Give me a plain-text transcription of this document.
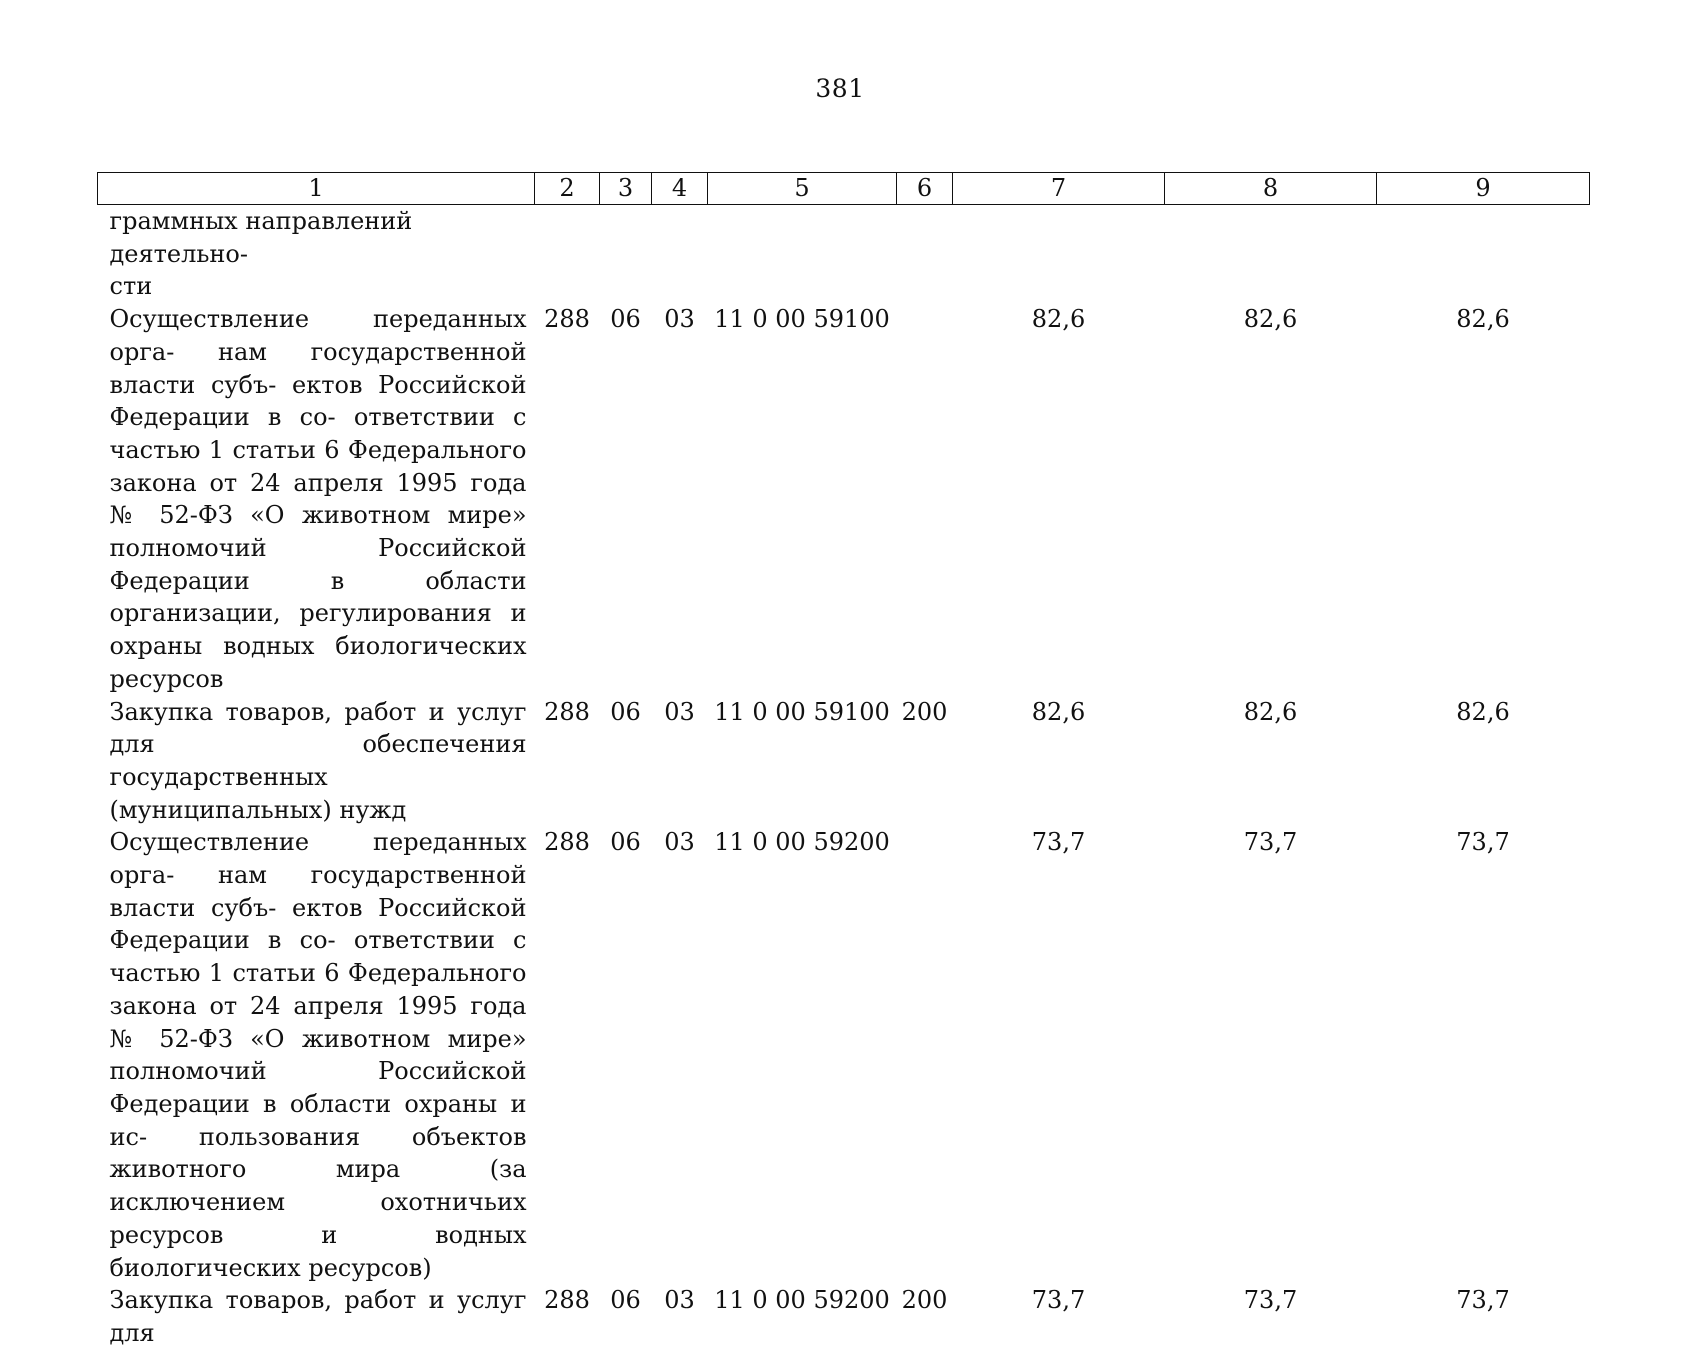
381
1	2	3	4	5	6	7	8	9
граммных направлений деятельно-
сти								
Осуществление переданных орга- нам государственной власти субъ- ектов Российской Федерации в со- ответствии с частью 1 статьи 6 Федерального закона от 24 апреля 1995 года № 52-ФЗ «О животном мире» полномочий Российской Федерации в области организации, регулирования и охраны водных биологических ресурсов	288	06	03	11 0 00 59100		82,6	82,6	82,6
Закупка товаров, работ и услуг для обеспечения государственных (муниципальных) нужд	288	06	03	11 0 00 59100	200	82,6	82,6	82,6
Осуществление переданных орга- нам государственной власти субъ- ектов Российской Федерации в со- ответствии с частью 1 статьи 6 Федерального закона от 24 апреля 1995 года № 52-ФЗ «О животном мире» полномочий Российской Федерации в области охраны и ис- пользования объектов животного мира (за исключением охотничьих ресурсов и водных биологических ресурсов)	288	06	03	11 0 00 59200		73,7	73,7	73,7
Закупка товаров, работ и услуг для	288	06	03	11 0 00 59200	200	73,7	73,7	73,7
